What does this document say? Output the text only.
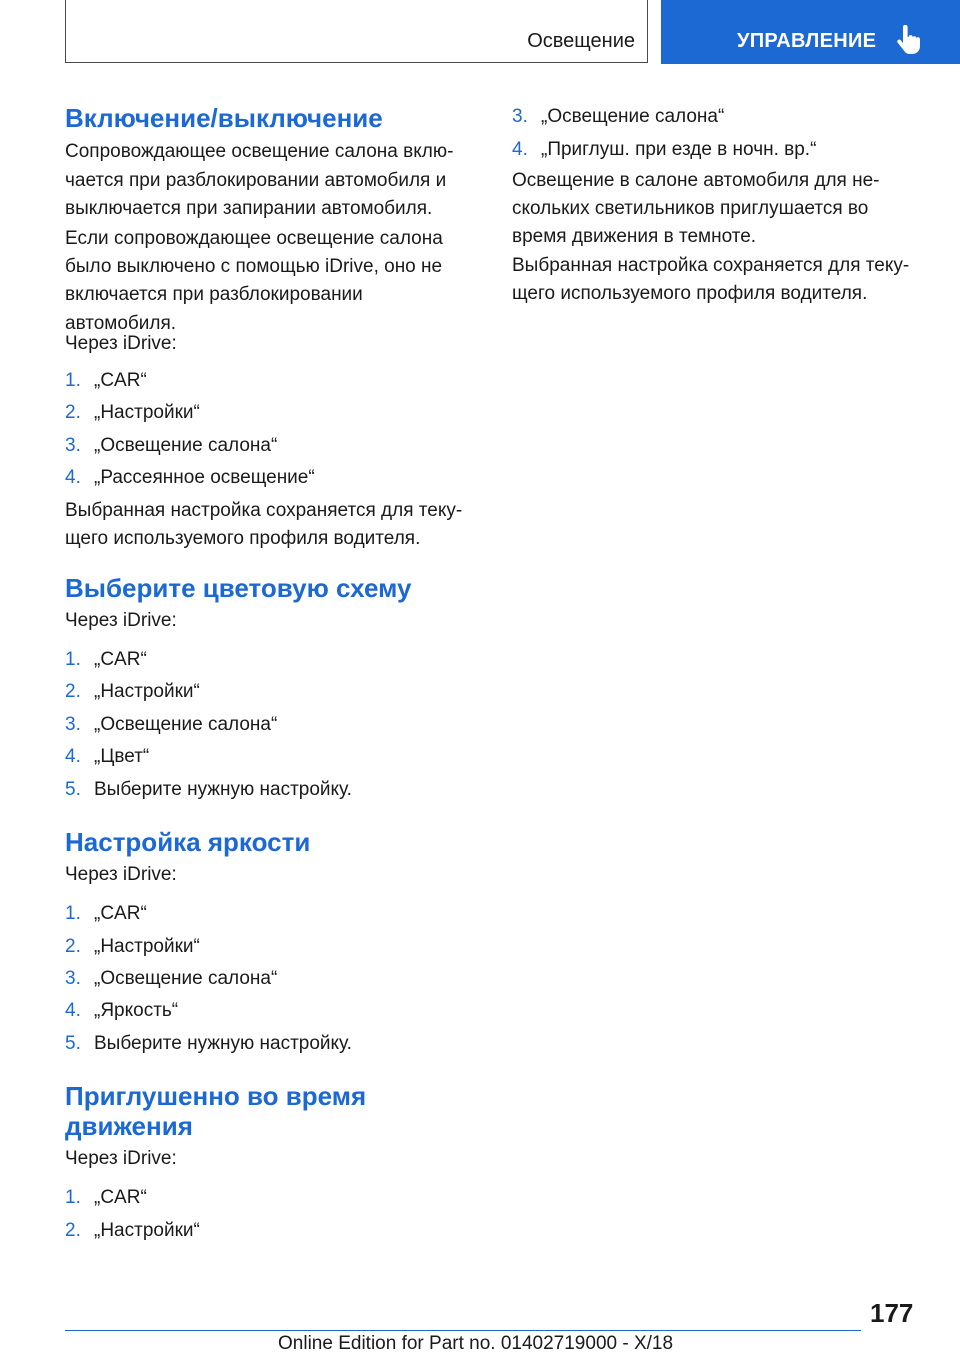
Освещение	УПРАВЛЕНИЕ
Включение/выключение
Сопровождающее освещение салона вклю-
чается при разблокировании автомобиля и
выключается при запирании автомобиля.
Если сопровождающее освещение салона
было выключено с помощью iDrive, оно не
включается при разблокировании
автомобиля.
Через iDrive:
1. „CAR“
2. „Настройки“
3. „Освещение салона“
4. „Рассеянное освещение“
Выбранная настройка сохраняется для теку-
щего используемого профиля водителя.
Выберите цветовую схему
Через iDrive:
1. „CAR“
2. „Настройки“
3. „Освещение салона“
4. „Цвет“
5. Выберите нужную настройку.
Настройка яркости
Через iDrive:
1. „CAR“
2. „Настройки“
3. „Освещение салона“
4. „Яркость“
5. Выберите нужную настройку.
Приглушенно во время
движения
Через iDrive:
1. „CAR“
2. „Настройки“
3. „Освещение салона“
4. „Приглуш. при езде в ночн. вр.“
Освещение в салоне автомобиля для не-
скольких светильников приглушается во
время движения в темноте.
Выбранная настройка сохраняется для теку-
щего используемого профиля водителя.
177
Online Edition for Part no. 01402719000 - X/18
